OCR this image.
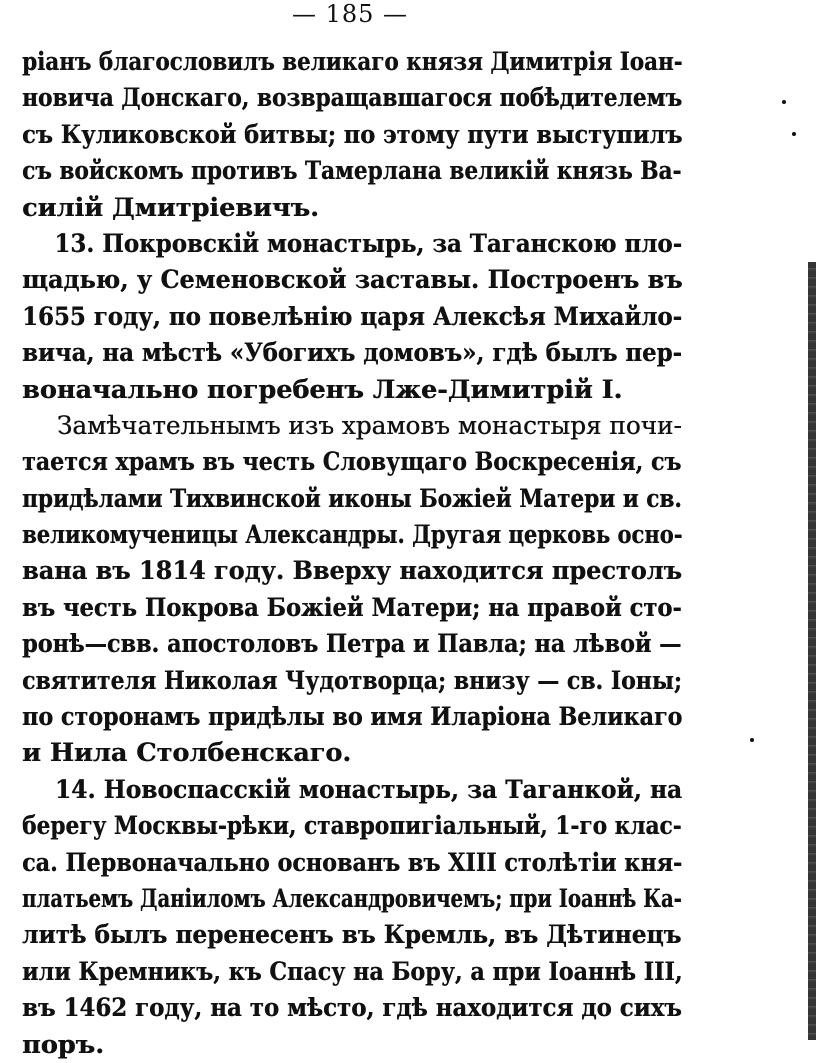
— 185 —

ріанъ благословилъ великаго князя Димитрія Іоан-
новича Донскаго, возвращавшагося побѣдителемъ
съ Куликовской битвы; по этому пути выступилъ
съ войскомъ противъ Тамерлана великій князь Ва-
силій Дмитріевичъ.

13. Покровскій монастырь, за Таганскою пло-
щадью, у Семеновской заставы. Построенъ въ
1655 году, по повелѣнію царя Алексѣя Михайло-
вича, на мѣстѣ «Убогихъ домовъ», гдѣ былъ пер-
воначально погребенъ Лже-Димитрій I.

Замѣчательнымъ изъ храмовъ монастыря почи-
тается храмъ въ честь Словущаго Воскресенія, съ
придѣлами Тихвинской иконы Божіей Матери и св.
великомученицы Александры. Другая церковь осно-
вана въ 1814 году. Вверху находится престолъ
въ честь Покрова Божіей Матери; на правой сто-
ронѣ—свв. апостоловъ Петра и Павла; на лѣвой —
святителя Николая Чудотворца; внизу — св. Іоны;
по сторонамъ придѣлы во имя Иларіона Великаго
и Нила Столбенскаго.

14. Новоспасскій монастырь, за Таганкой, на
берегу Москвы-рѣки, ставропигіальный, 1-го клас-
са. Первоначально основанъ въ XIII столѣтіи кня-
платьемъ Даніиломъ Александровичемъ; при Іоаннѣ Ка-
литѣ былъ перенесенъ въ Кремль, въ Дѣтинецъ
или Кремникъ, къ Спасу на Бору, а при Іоаннѣ III,
въ 1462 году, на то мѣсто, гдѣ находится до сихъ
поръ.
